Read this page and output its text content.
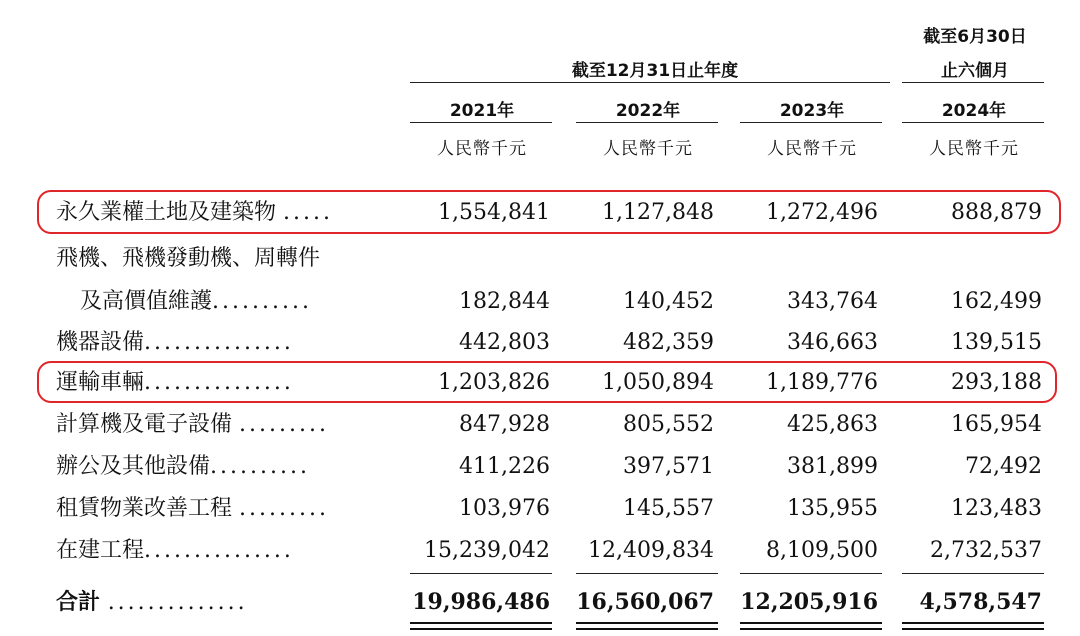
截至6月30日
截至12月31日止年度	止六個月
2021年	2022年	2023年	2024年
人民幣千元	人民幣千元	人民幣千元	人民幣千元
永久業權土地及建築物 .....	1,554,841	1,127,848	1,272,496	888,879
飛機、飛機發動機、周轉件
及高價值維護..........	182,844	140,452	343,764	162,499
機器設備...............	442,803	482,359	346,663	139,515
運輸車輛...............	1,203,826	1,050,894	1,189,776	293,188
計算機及電子設備 .........	847,928	805,552	425,863	165,954
辦公及其他設備..........	411,226	397,571	381,899	72,492
租賃物業改善工程 .........	103,976	145,557	135,955	123,483
在建工程...............	15,239,042	12,409,834	8,109,500	2,732,537
合計 ..............	19,986,486	16,560,067	12,205,916	4,578,547
